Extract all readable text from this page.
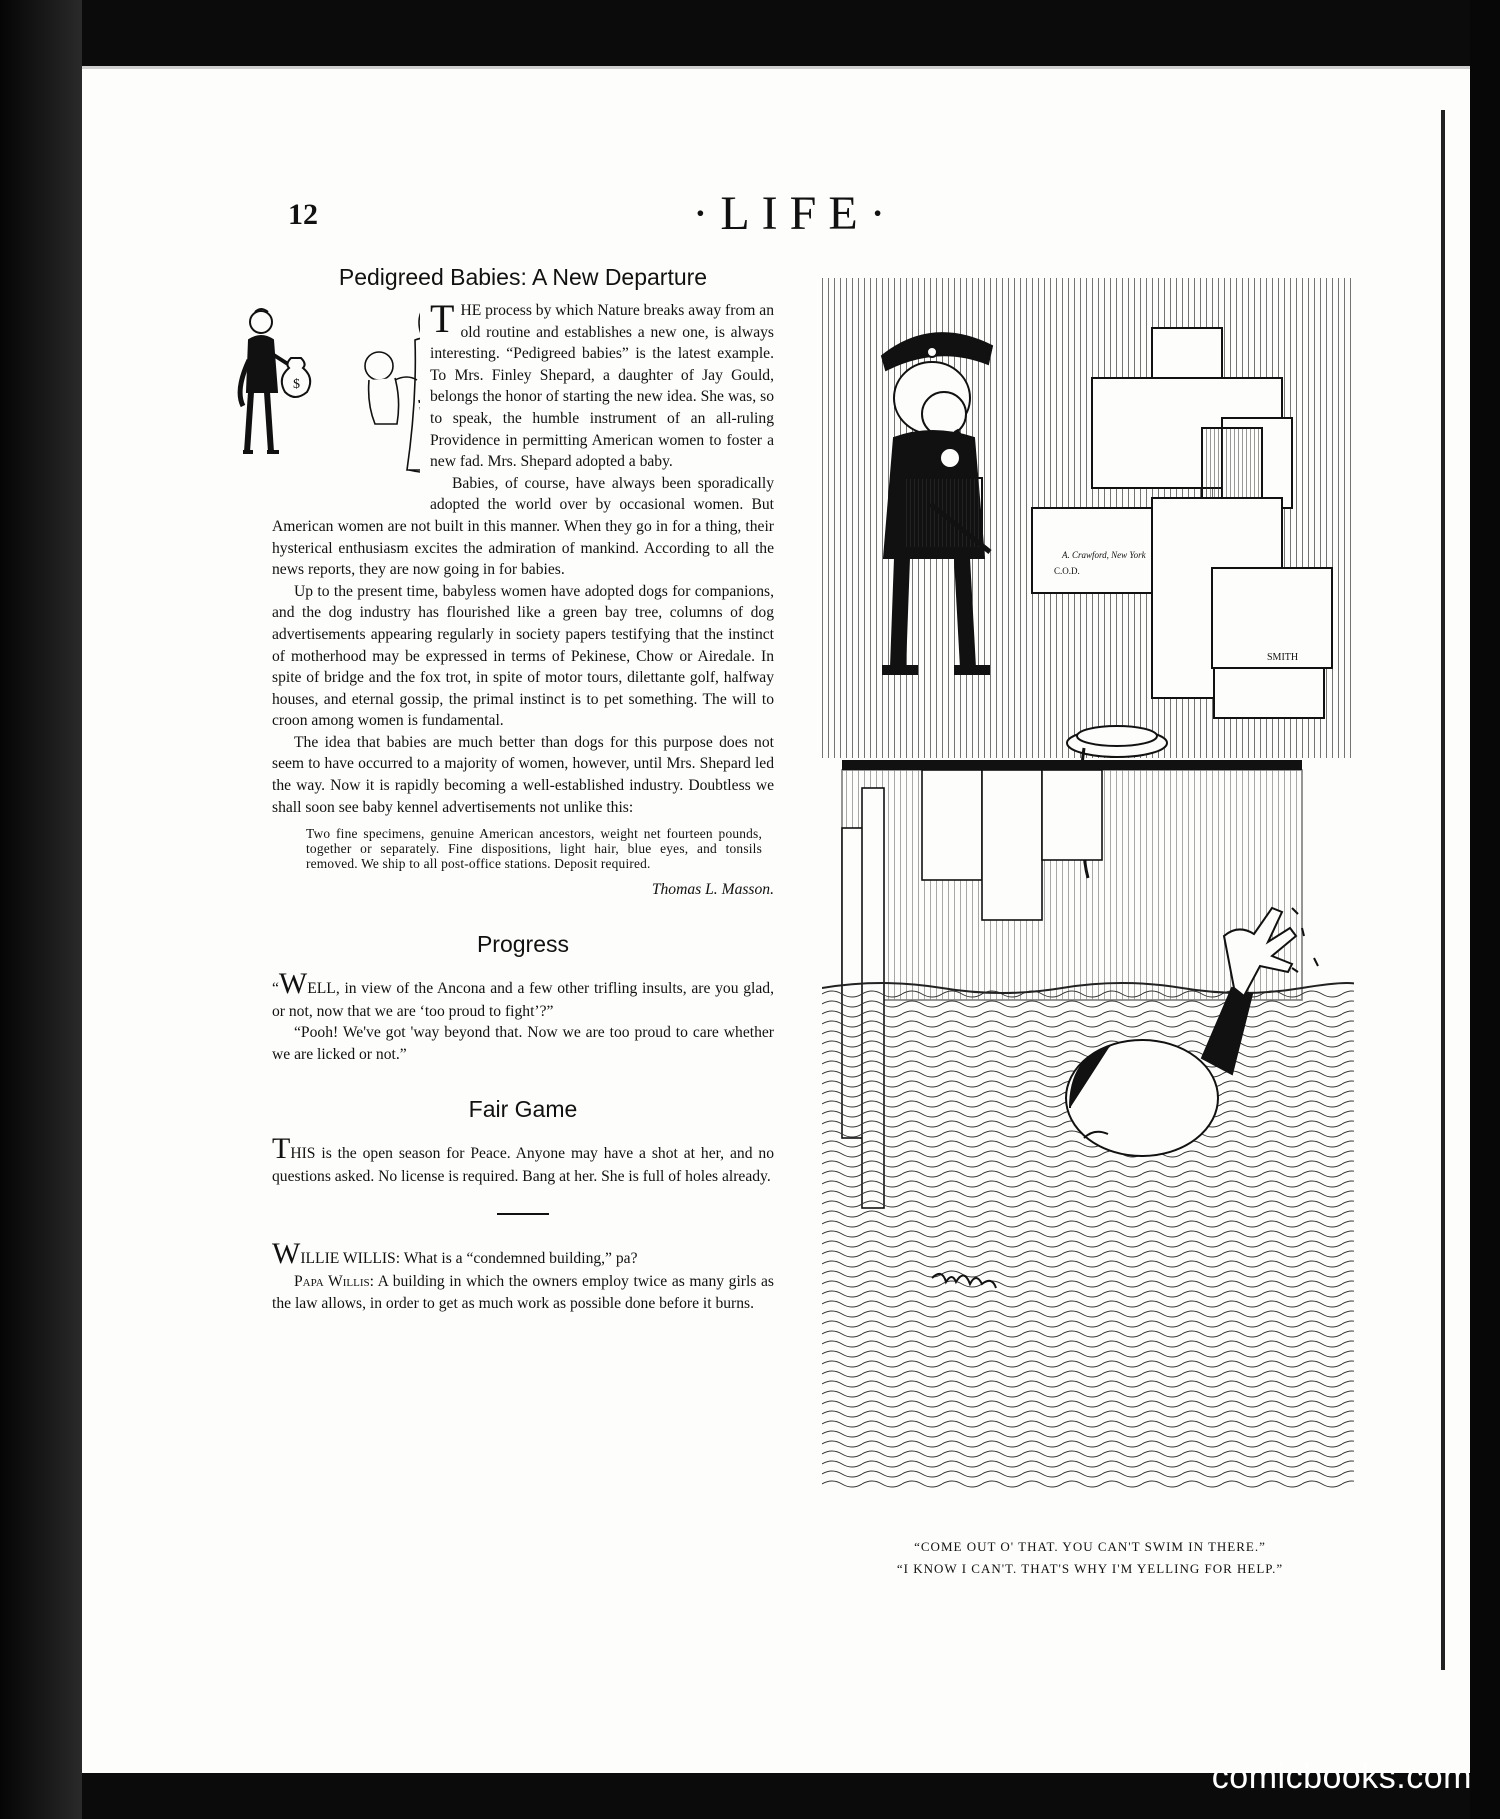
12	·LIFE·
Pedigreed Babies: A New Departure
$
T HE process by which Nature breaks away from an old routine and establishes a new one, is always interesting. “Pedigreed babies” is the latest example. To Mrs. Finley Shepard, a daughter of Jay Gould, belongs the honor of starting the new idea. She was, so to speak, the humble instrument of an all-ruling Providence in permitting American women to foster a new fad. Mrs. Shepard adopted a baby.

Babies, of course, have always been sporadically adopted the world over by occasional women. But American women are not built in this manner. When they go in for a thing, their hysterical enthusiasm excites the admiration of mankind. According to all the news reports, they are now going in for babies.

Up to the present time, babyless women have adopted dogs for companions, and the dog industry has flourished like a green bay tree, columns of dog advertisements appearing regularly in society papers testifying that the instinct of motherhood may be expressed in terms of Pekinese, Chow or Airedale. In spite of bridge and the fox trot, in spite of motor tours, dilettante golf, halfway houses, and eternal gossip, the primal instinct is to pet something. The will to croon among women is fundamental.

The idea that babies are much better than dogs for this purpose does not seem to have occurred to a majority of women, however, until Mrs. Shepard led the way. Now it is rapidly becoming a well-established industry. Doubtless we shall soon see baby kennel advertisements not unlike this:

Two fine specimens, genuine American ancestors, weight net fourteen pounds, together or separately. Fine dispositions, light hair, blue eyes, and tonsils removed. We ship to all post-office stations. Deposit required.

Thomas L. Masson.

Progress

“WELL, in view of the Ancona and a few other trifling insults, are you glad, or not, now that we are ‘too proud to fight’?”

“Pooh! We've got 'way beyond that. Now we are too proud to care whether we are licked or not.”

Fair Game

THIS is the open season for Peace. Anyone may have a shot at her, and no questions asked. No license is required. Bang at her. She is full of holes already.

WILLIE WILLIS: What is a “condemned building,” pa?

Papa Willis: A building in which the owners employ twice as many girls as the law allows, in order to get as much work as possible done before it burns.

A. Crawford, New York
C.O.D.
SMITH
“COME OUT O' THAT. YOU CAN'T SWIM IN THERE.”
“I KNOW I CAN'T. THAT'S WHY I'M YELLING FOR HELP.”
comicbooks.com
